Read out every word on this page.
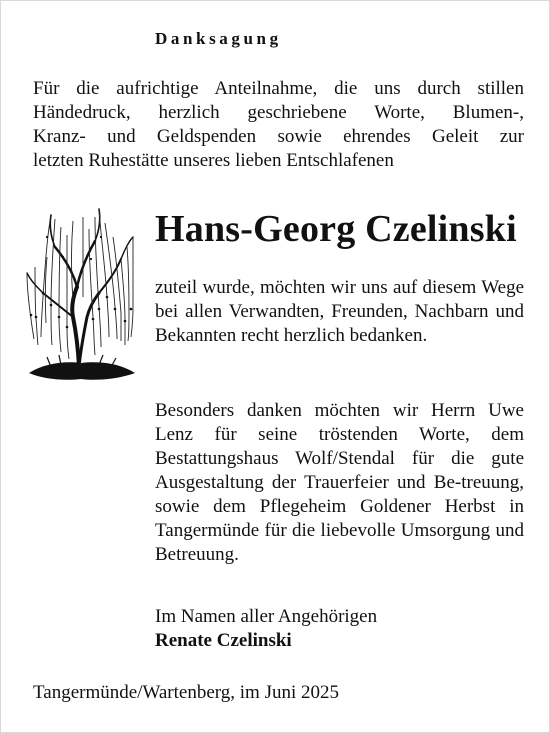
Danksagung

Für die aufrichtige Anteilnahme, die uns durch stillen

Händedruck, herzlich geschriebene Worte, Blumen-,

Kranz- und Geldspenden sowie ehrendes Geleit zur

letzten Ruhestätte unseres lieben Entschlafenen

Hans-Georg Czelinski

zuteil wurde, möchten wir uns auf diesem Wege bei allen Verwandten, Freunden, Nachbarn und Bekannten recht herzlich bedanken.

Besonders danken möchten wir Herrn Uwe Lenz für seine tröstenden Worte, dem Bestattungshaus Wolf/Stendal für die gute Ausgestaltung der Trauerfeier und Be-treuung, sowie dem Pflegeheim Goldener Herbst in Tangermünde für die liebevolle Umsorgung und Betreuung.

Im Namen aller Angehörigen
Renate Czelinski
Tangermünde/Wartenberg, im Juni 2025
